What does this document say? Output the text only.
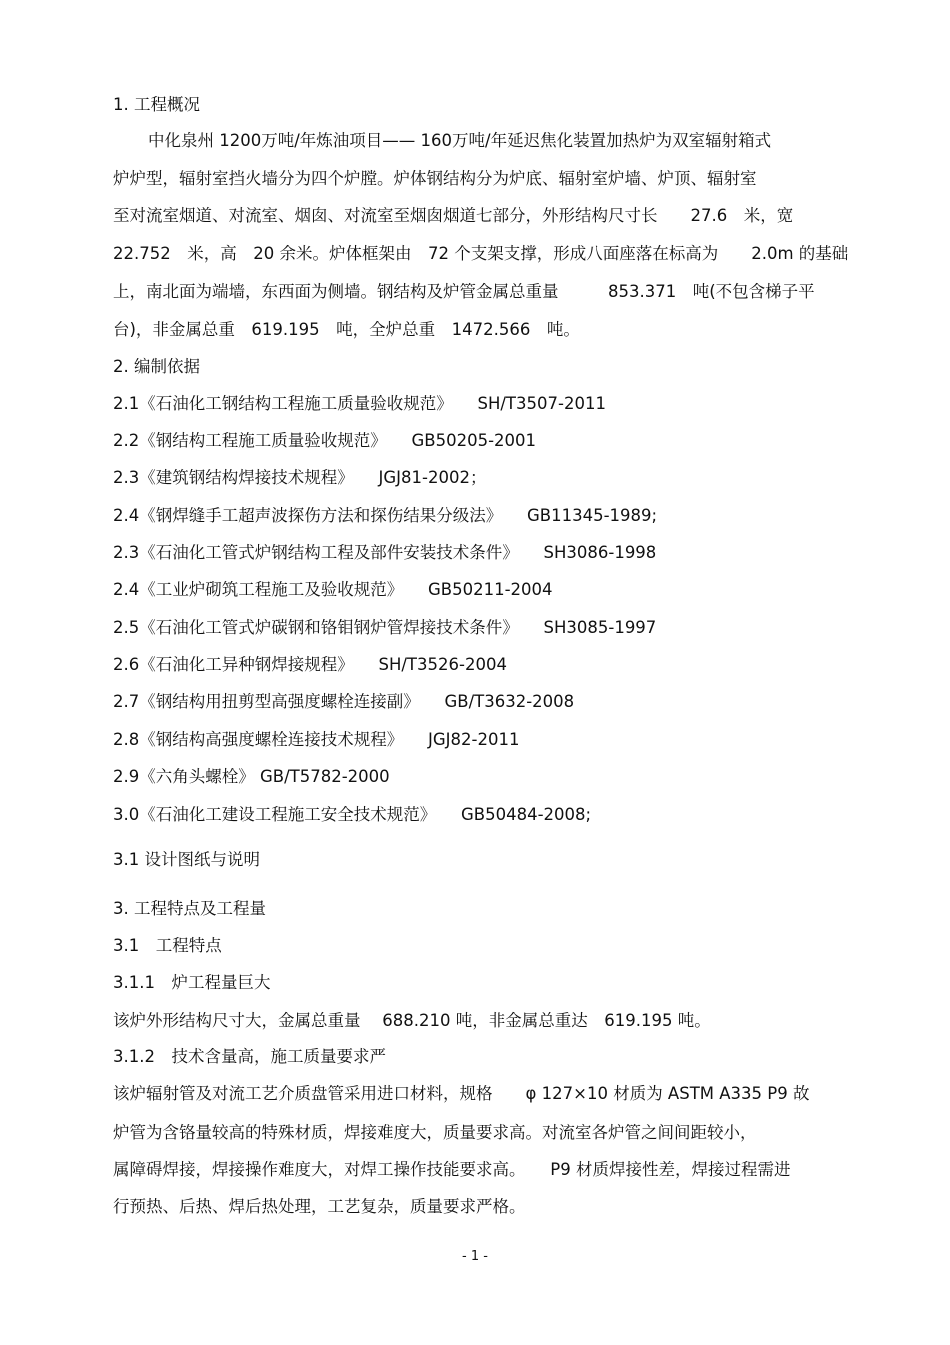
1. 工程概况
中化泉州 1200万吨/年炼油项目—— 160万吨/年延迟焦化装置加热炉为双室辐射箱式
炉炉型，辐射室挡火墙分为四个炉膛。炉体钢结构分为炉底、辐射室炉墙、炉顶、辐射室
至对流室烟道、对流室、烟囱、对流室至烟囱烟道七部分，外形结构尺寸长　　27.6　米，宽
22.752　米，高　20 余米。炉体框架由　72 个支架支撑，形成八面座落在标高为　　2.0m 的基础
上，南北面为端墙，东西面为侧墙。钢结构及炉管金属总重量　　　853.371　吨(不包含梯子平
台)，非金属总重　619.195　吨，全炉总重　1472.566　吨。
2. 编制依据
2.1《石油化工钢结构工程施工质量验收规范》　　SH/T3507-2011
2.2《钢结构工程施工质量验收规范》　　GB50205-2001
2.3《建筑钢结构焊接技术规程》　　JGJ81-2002；
2.4《钢焊缝手工超声波探伤方法和探伤结果分级法》　　GB11345-1989;
2.3《石油化工管式炉钢结构工程及部件安装技术条件》　　SH3086-1998
2.4《工业炉砌筑工程施工及验收规范》　　GB50211-2004
2.5《石油化工管式炉碳钢和铬钼钢炉管焊接技术条件》　　SH3085-1997
2.6《石油化工异种钢焊接规程》　　SH/T3526-2004
2.7《钢结构用扭剪型高强度螺栓连接副》　　GB/T3632-2008
2.8《钢结构高强度螺栓连接技术规程》　　JGJ82-2011
2.9《六角头螺栓》 GB/T5782-2000
3.0《石油化工建设工程施工安全技术规范》　　GB50484-2008;
3.1 设计图纸与说明
3. 工程特点及工程量
3.1　工程特点
3.1.1　炉工程量巨大
该炉外形结构尺寸大，金属总重量　 688.210 吨，非金属总重达　619.195 吨。
3.1.2　技术含量高，施工质量要求严
该炉辐射管及对流工艺介质盘管采用进口材料，规格　　φ 127×10 材质为 ASTM A335 P9 故
炉管为含铬量较高的特殊材质，焊接难度大，质量要求高。对流室各炉管之间间距较小，
属障碍焊接，焊接操作难度大，对焊工操作技能要求高。　　P9 材质焊接性差，焊接过程需进
行预热、后热、焊后热处理，工艺复杂，质量要求严格。
- 1 -
